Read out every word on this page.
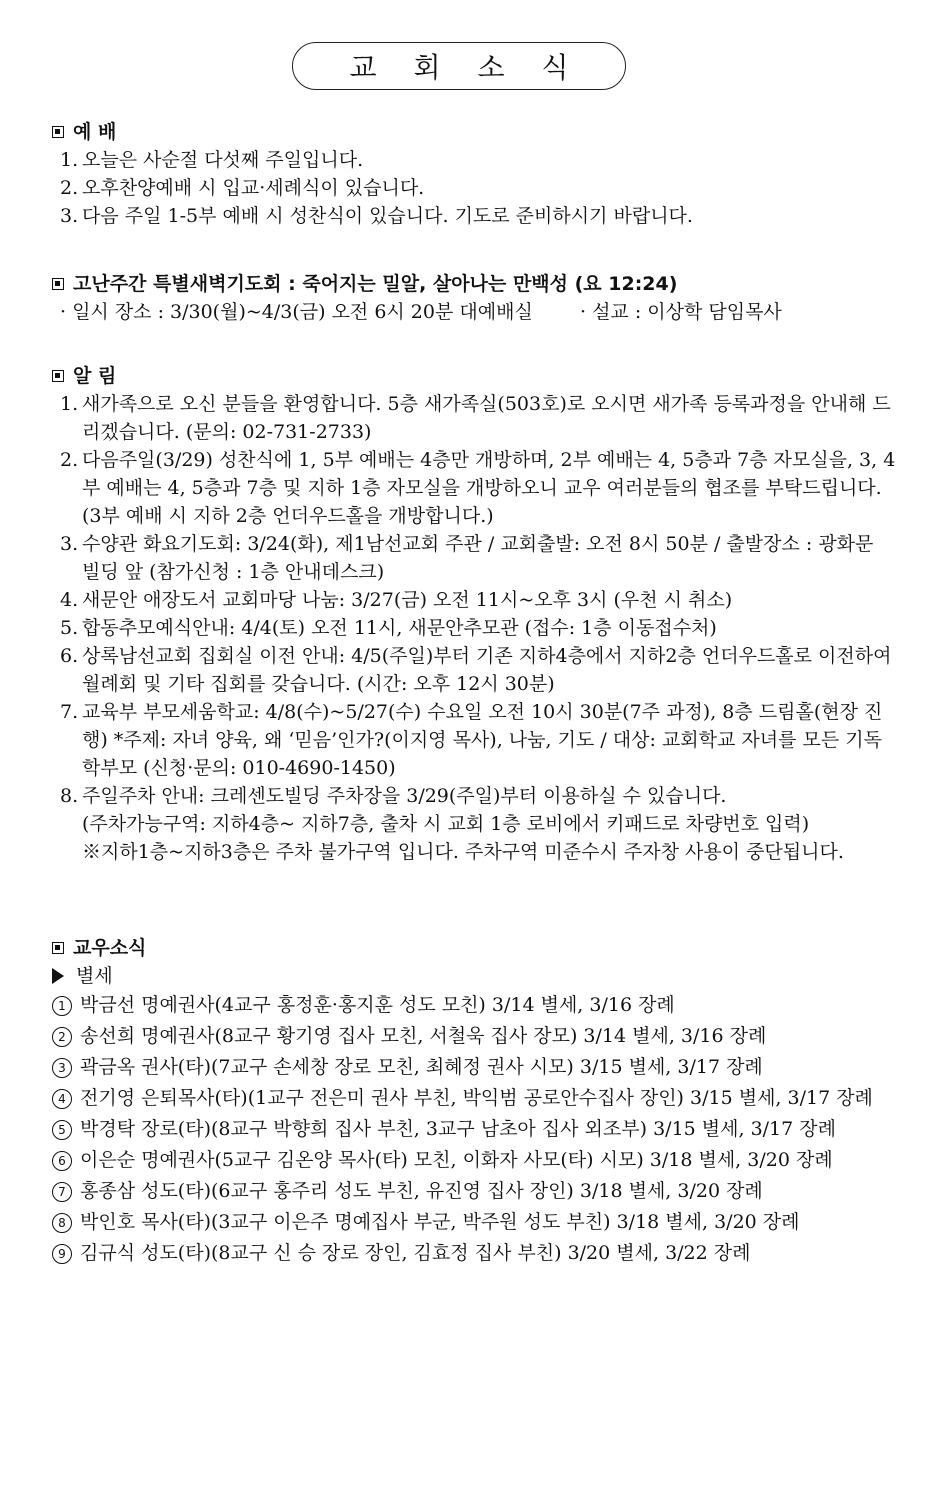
교 회 소 식
예 배
1. 오늘은 사순절 다섯째 주일입니다.
2. 오후찬양예배 시 입교·세례식이 있습니다.
3. 다음 주일 1-5부 예배 시 성찬식이 있습니다. 기도로 준비하시기 바랍니다.
고난주간 특별새벽기도회 : 죽어지는 밀알, 살아나는 만백성 (요 12:24)
· 일시 장소 : 3/30(월)~4/3(금) 오전 6시 20분 대예배실	· 설교 : 이상학 담임목사
알 림
1. 새가족으로 오신 분들을 환영합니다. 5층 새가족실(503호)로 오시면 새가족 등록과정을 안내해 드리겠습니다. (문의: 02-731-2733)
2. 다음주일(3/29) 성찬식에 1, 5부 예배는 4층만 개방하며, 2부 예배는 4, 5층과 7층 자모실을, 3, 4부 예배는 4, 5층과 7층 및 지하 1층 자모실을 개방하오니 교우 여러분들의 협조를 부탁드립니다. (3부 예배 시 지하 2층 언더우드홀을 개방합니다.)
3. 수양관 화요기도회: 3/24(화), 제1남선교회 주관 / 교회출발: 오전 8시 50분 / 출발장소 : 광화문 빌딩 앞 (참가신청 : 1층 안내데스크)
4. 새문안 애장도서 교회마당 나눔: 3/27(금) 오전 11시~오후 3시 (우천 시 취소)
5. 합동추모예식안내: 4/4(토) 오전 11시, 새문안추모관 (접수: 1층 이동접수처)
6. 상록남선교회 집회실 이전 안내: 4/5(주일)부터 기존 지하4층에서 지하2층 언더우드홀로 이전하여 월례회 및 기타 집회를 갖습니다. (시간: 오후 12시 30분)
7. 교육부 부모세움학교: 4/8(수)~5/27(수) 수요일 오전 10시 30분(7주 과정), 8층 드림홀(현장 진행) *주제: 자녀 양육, 왜 ‘믿음’인가?(이지영 목사), 나눔, 기도 / 대상: 교회학교 자녀를 모든 기독학부모 (신청·문의: 010-4690-1450)
8. 주일주차 안내: 크레센도빌딩 주차장을 3/29(주일)부터 이용하실 수 있습니다.
(주차가능구역: 지하4층~ 지하7층, 출차 시 교회 1층 로비에서 키패드로 차량번호 입력)
※지하1층~지하3층은 주차 불가구역 입니다. 주차구역 미준수시 주자창 사용이 중단됩니다.
교우소식
별세
1 박금선 명예권사(4교구 홍정훈·홍지훈 성도 모친) 3/14 별세, 3/16 장례
2 송선희 명예권사(8교구 황기영 집사 모친, 서철욱 집사 장모) 3/14 별세, 3/16 장례
3 곽금옥 권사(타)(7교구 손세창 장로 모친, 최혜정 권사 시모) 3/15 별세, 3/17 장례
4 전기영 은퇴목사(타)(1교구 전은미 권사 부친, 박익범 공로안수집사 장인) 3/15 별세, 3/17 장례
5 박경탁 장로(타)(8교구 박향희 집사 부친, 3교구 남초아 집사 외조부) 3/15 별세, 3/17 장례
6 이은순 명예권사(5교구 김온양 목사(타) 모친, 이화자 사모(타) 시모) 3/18 별세, 3/20 장례
7 홍종삼 성도(타)(6교구 홍주리 성도 부친, 유진영 집사 장인) 3/18 별세, 3/20 장례
8 박인호 목사(타)(3교구 이은주 명예집사 부군, 박주원 성도 부친) 3/18 별세, 3/20 장례
9 김규식 성도(타)(8교구 신 승 장로 장인, 김효정 집사 부친) 3/20 별세, 3/22 장례
